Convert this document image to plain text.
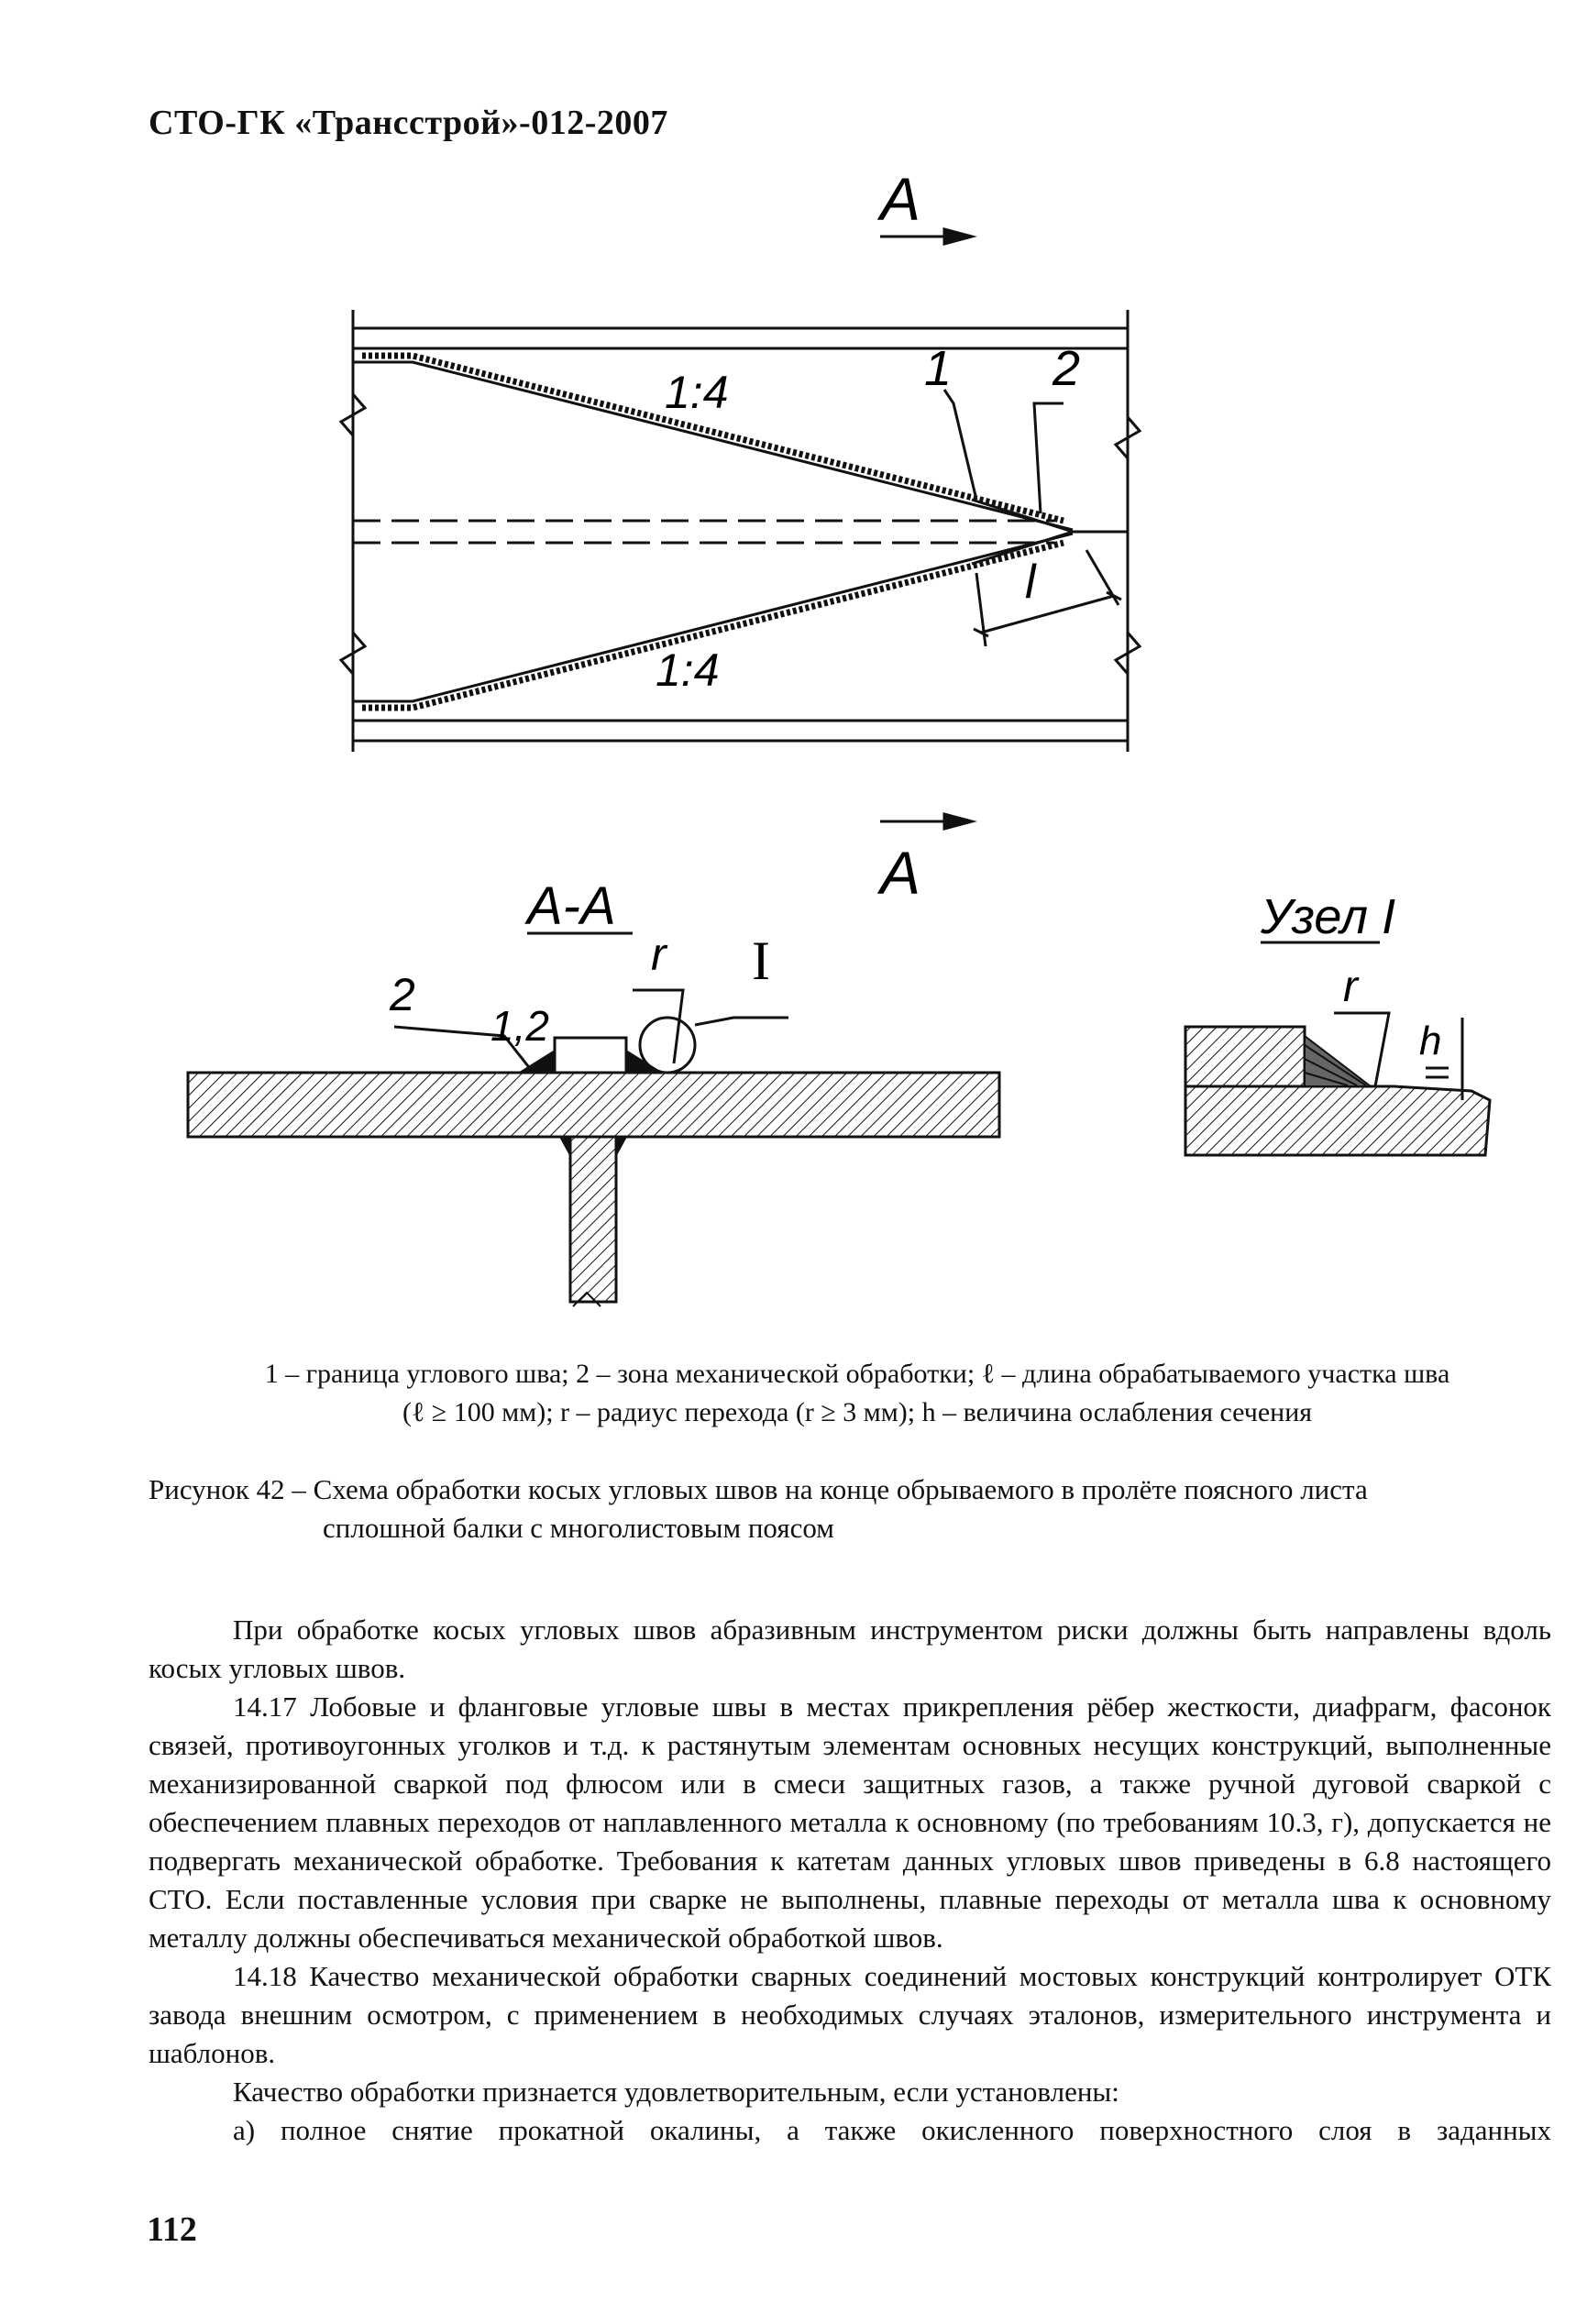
СТО-ГК «Трансстрой»-012-2007
А
А
1:4
1:4
1 2
l
А-А
2
1,2
r I
Узел I
r
h
1 – граница углового шва; 2 – зона механической обработки; ℓ – длина обрабатываемого участка шва
(ℓ ≥ 100 мм); r – радиус перехода (r ≥ 3 мм); h – величина ослабления сечения
Рисунок 42 – Схема обработки косых угловых швов на конце обрываемого в пролёте поясного листа
сплошной балки с многолистовым поясом

При обработке косых угловых швов абразивным инструментом риски должны быть направлены вдоль косых угловых швов.

14.17 Лобовые и фланговые угловые швы в местах прикрепления рёбер жесткости, диафрагм, фасонок связей, противоугонных уголков и т.д. к растянутым элементам основных несущих конструкций, выполненные механизированной сваркой под флюсом или в смеси защитных газов, а также ручной дуговой сваркой с обеспечением плавных переходов от наплавленного металла к основному (по требованиям 10.3, г), допускается не подвергать механической обработке. Требования к катетам данных угловых швов приведены в 6.8 настоящего СТО. Если поставленные условия при сварке не выполнены, плавные переходы от металла шва к основному металлу должны обеспечиваться механической обработкой швов.

14.18 Качество механической обработки сварных соединений мостовых конструкций контролирует ОТК завода внешним осмотром, с применением в необходимых случаях эталонов, измерительного инструмента и шаблонов.

Качество обработки признается удовлетворительным, если установлены:

а) полное снятие прокатной окалины, а также окисленного поверхностного слоя в заданных

112
